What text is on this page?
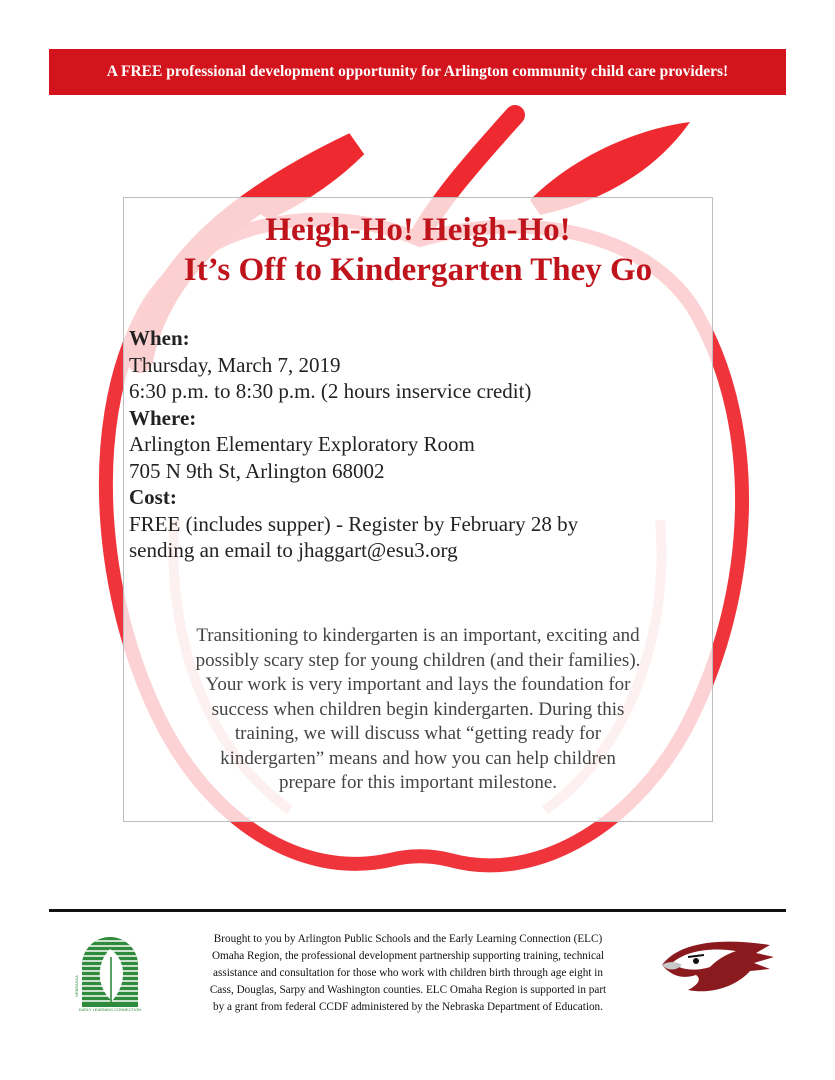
A FREE professional development opportunity for Arlington community child care providers!
Heigh-Ho! Heigh-Ho!
It’s Off to Kindergarten They Go
When:
Thursday, March 7, 2019
6:30 p.m. to 8:30 p.m. (2 hours inservice credit)
Where:
Arlington Elementary Exploratory Room
705 N 9th St, Arlington 68002
Cost:
FREE (includes supper) - Register by February 28 by
sending an email to jhaggart@esu3.org
Transitioning to kindergarten is an important, exciting and
possibly scary step for young children (and their families).
Your work is very important and lays the foundation for
success when children begin kindergarten. During this
training, we will discuss what “getting ready for
kindergarten” means and how you can help children
prepare for this important milestone.
NEBRASKA
EARLY LEARNING CONNECTION
Brought to you by Arlington Public Schools and the Early Learning Connection (ELC)
Omaha Region, the professional development partnership supporting training, technical
assistance and consultation for those who work with children birth through age eight in
Cass, Douglas, Sarpy and Washington counties. ELC Omaha Region is supported in part
by a grant from federal CCDF administered by the Nebraska Department of Education.
